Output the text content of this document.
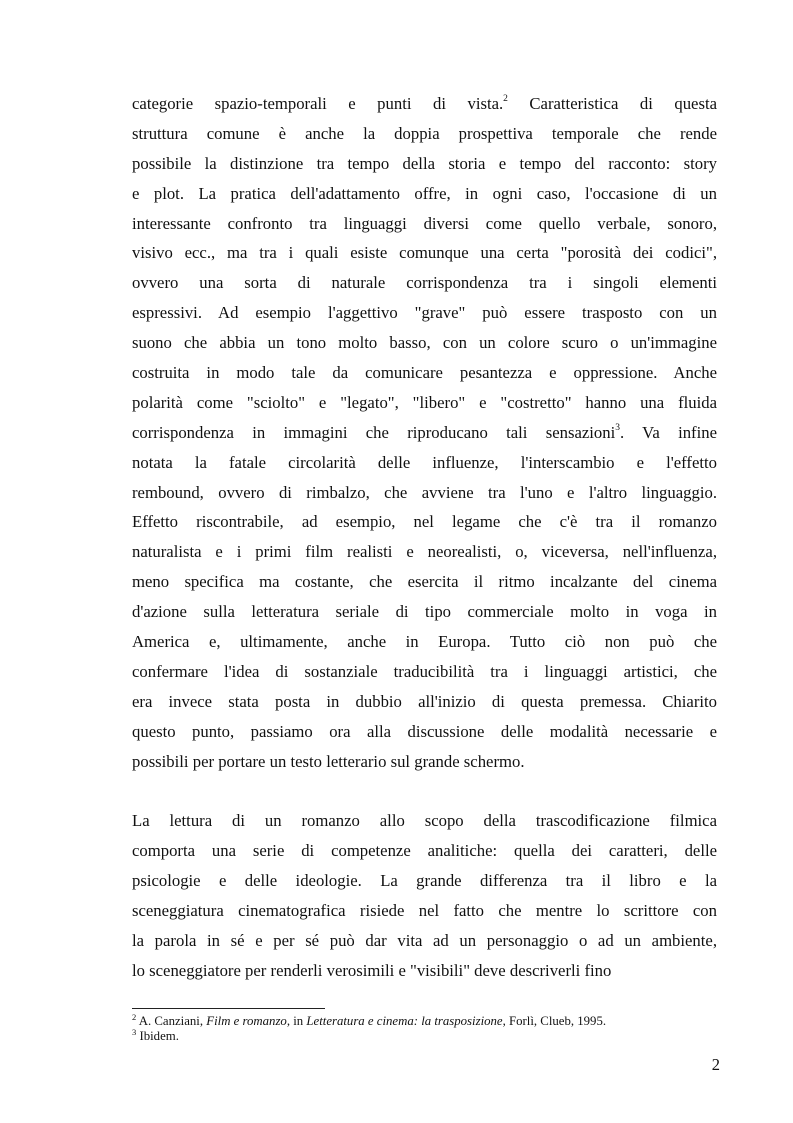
categorie spazio-temporali e punti di vista.$^2$ Caratteristica di questa
struttura comune è anche la doppia prospettiva temporale che rende
possibile la distinzione tra tempo della storia e tempo del racconto: story
e plot. La pratica dell'adattamento offre, in ogni caso, l'occasione di un
interessante confronto tra linguaggi diversi come quello verbale, sonoro,
visivo ecc., ma tra i quali esiste comunque una certa "porosità dei codici",
ovvero una sorta di naturale corrispondenza tra i singoli elementi
espressivi. Ad esempio l'aggettivo "grave" può essere trasposto con un
suono che abbia un tono molto basso, con un colore scuro o un'immagine
costruita in modo tale da comunicare pesantezza e oppressione. Anche
polarità come "sciolto" e "legato", "libero" e "costretto" hanno una fluida
corrispondenza in immagini che riproducano tali sensazioni$^3$. Va infine
notata la fatale circolarità delle influenze, l'interscambio e l'effetto
rembound, ovvero di rimbalzo, che avviene tra l'uno e l'altro linguaggio.
Effetto riscontrabile, ad esempio, nel legame che c'è tra il romanzo
naturalista e i primi film realisti e neorealisti, o, viceversa, nell'influenza,
meno specifica ma costante, che esercita il ritmo incalzante del cinema
d'azione sulla letteratura seriale di tipo commerciale molto in voga in
America e, ultimamente, anche in Europa. Tutto ciò non può che
confermare l'idea di sostanziale traducibilità tra i linguaggi artistici, che
era invece stata posta in dubbio all'inizio di questa premessa. Chiarito
questo punto, passiamo ora alla discussione delle modalità necessarie e
possibili per portare un testo letterario sul grande schermo.
La lettura di un romanzo allo scopo della trascodificazione filmica
comporta una serie di competenze analitiche: quella dei caratteri, delle
psicologie e delle ideologie. La grande differenza tra il libro e la
sceneggiatura cinematografica risiede nel fatto che mentre lo scrittore con
la parola in sé e per sé può dar vita ad un personaggio o ad un ambiente,
lo sceneggiatore per renderli verosimili e "visibili" deve descriverli fino
$^2$ A. Canziani, Film e romanzo, in Letteratura e cinema: la trasposizione, Forlì, Clueb, 1995.
$^3$ Ibidem.
2
